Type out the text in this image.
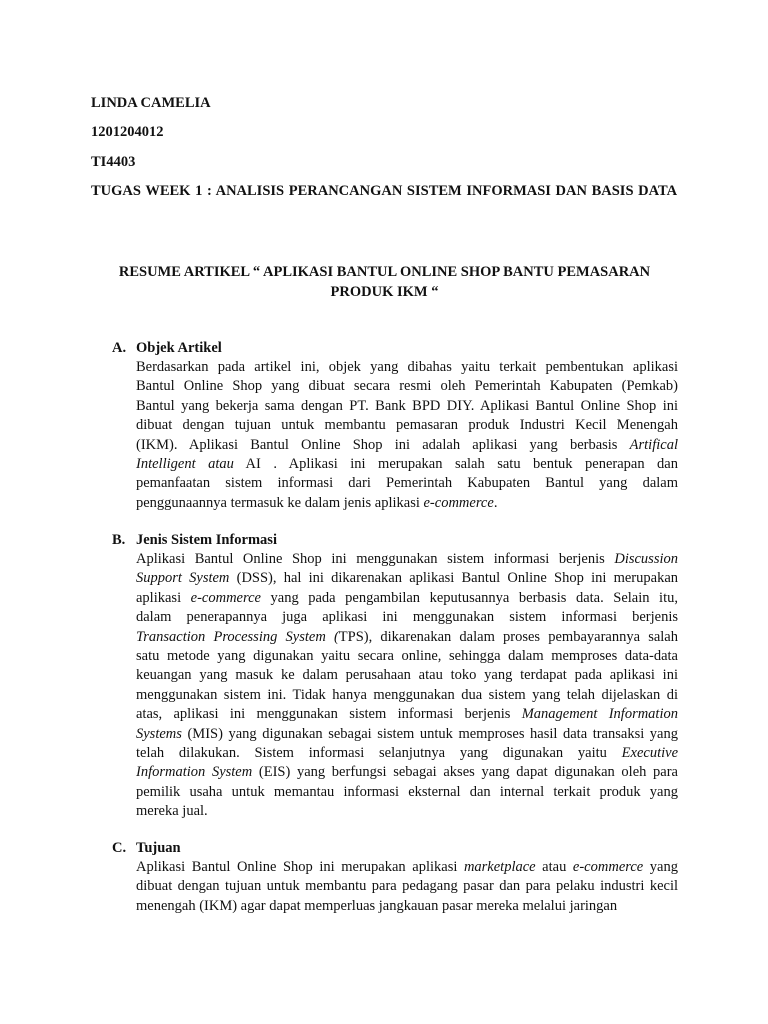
LINDA CAMELIA

1201204012

TI4403

TUGAS WEEK 1 : ANALISIS PERANCANGAN SISTEM INFORMASI DAN BASIS DATA

RESUME ARTIKEL “ APLIKASI BANTUL ONLINE SHOP BANTU PEMASARAN PRODUK IKM “

A. Objek Artikel

Berdasarkan pada artikel ini, objek yang dibahas yaitu terkait pembentukan aplikasi
Bantul Online Shop yang dibuat secara resmi oleh Pemerintah Kabupaten (Pemkab)
Bantul yang bekerja sama dengan PT. Bank BPD DIY. Aplikasi Bantul Online Shop ini
dibuat dengan tujuan untuk membantu pemasaran produk Industri Kecil Menengah
(IKM). Aplikasi Bantul Online Shop ini adalah aplikasi yang berbasis Artifical
Intelligent atau AI . Aplikasi ini merupakan salah satu bentuk penerapan dan
pemanfaatan sistem informasi dari Pemerintah Kabupaten Bantul yang dalam
penggunaannya termasuk ke dalam jenis aplikasi e-commerce.

B. Jenis Sistem Informasi

Aplikasi Bantul Online Shop ini menggunakan sistem informasi berjenis Discussion
Support System (DSS), hal ini dikarenakan aplikasi Bantul Online Shop ini merupakan
aplikasi e-commerce yang pada pengambilan keputusannya berbasis data. Selain itu,
dalam penerapannya juga aplikasi ini menggunakan sistem informasi berjenis
Transaction Processing System (TPS), dikarenakan dalam proses pembayarannya salah
satu metode yang digunakan yaitu secara online, sehingga dalam memproses data-data
keuangan yang masuk ke dalam perusahaan atau toko yang terdapat pada aplikasi ini
menggunakan sistem ini. Tidak hanya menggunakan dua sistem yang telah dijelaskan di
atas, aplikasi ini menggunakan sistem informasi berjenis Management Information
Systems (MIS) yang digunakan sebagai sistem untuk memproses hasil data transaksi yang
telah dilakukan. Sistem informasi selanjutnya yang digunakan yaitu Executive
Information System (EIS) yang berfungsi sebagai akses yang dapat digunakan oleh para
pemilik usaha untuk memantau informasi eksternal dan internal terkait produk yang
mereka jual.

C. Tujuan

Aplikasi Bantul Online Shop ini merupakan aplikasi marketplace atau e-commerce yang
dibuat dengan tujuan untuk membantu para pedagang pasar dan para pelaku industri kecil
menengah (IKM) agar dapat memperluas jangkauan pasar mereka melalui jaringan
